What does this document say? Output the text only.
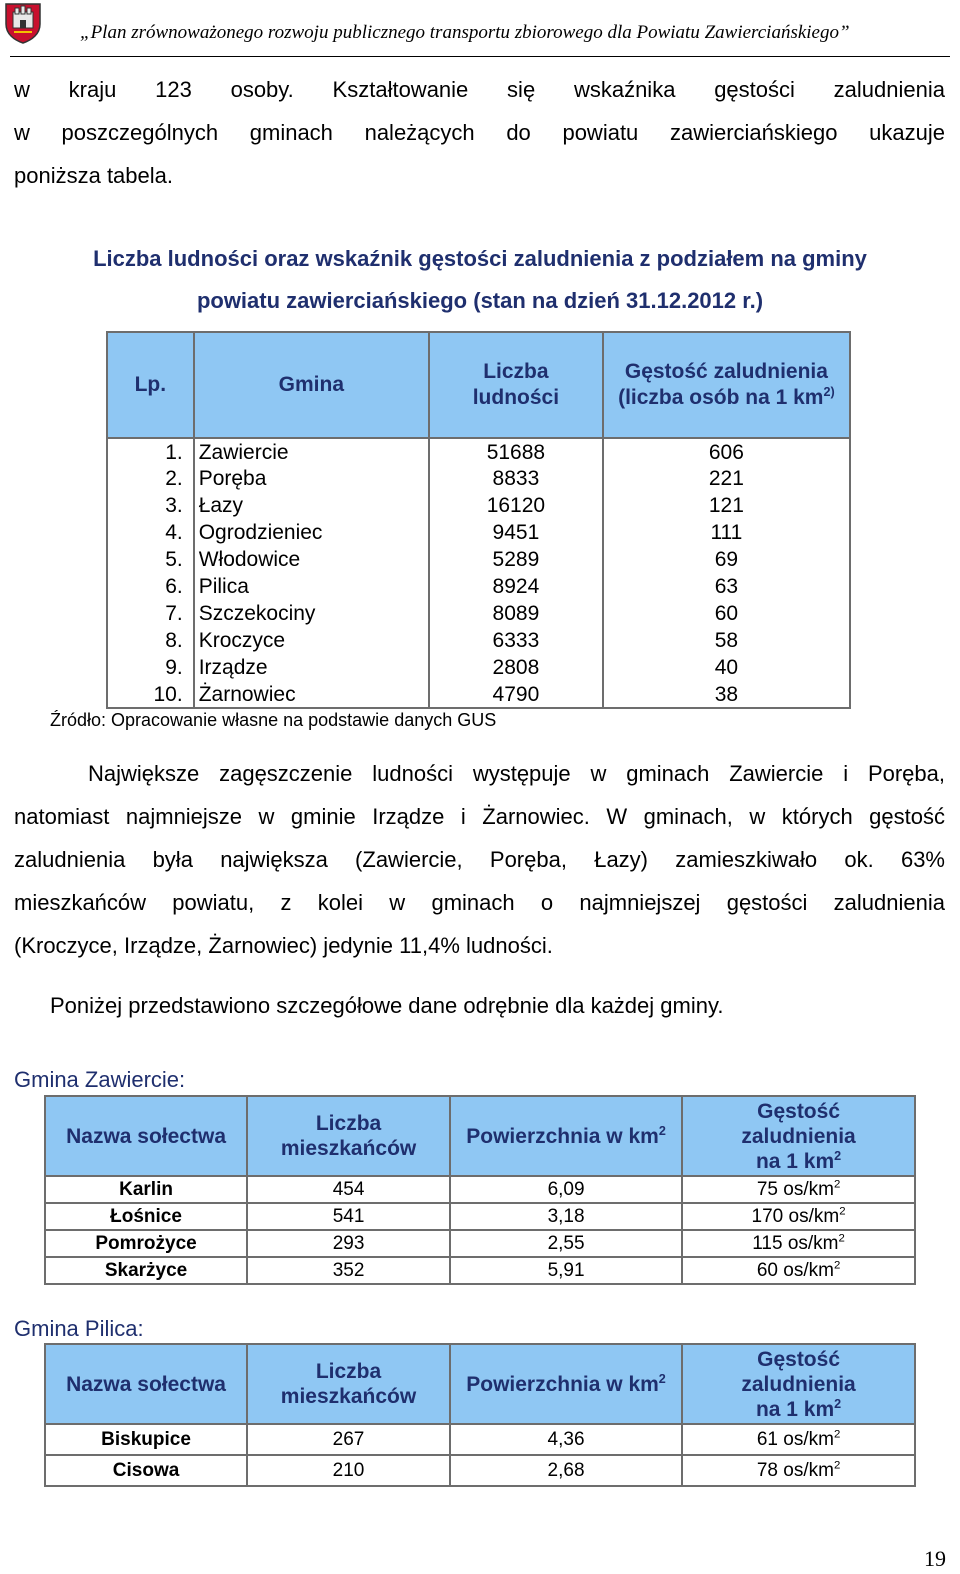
„Plan zrównoważonego rozwoju publicznego transportu zbiorowego dla Powiatu Zawierciańskiego”

w kraju 123 osoby. Kształtowanie się wskaźnika gęstości zaludnienia

w poszczególnych gminach należących do powiatu zawierciańskiego ukazuje

poniższa tabela.

Liczba ludności oraz wskaźnik gęstości zaludnienia z podziałem na gminy
powiatu zawierciańskiego (stan na dzień 31.12.2012 r.)
Lp.	Gmina	Liczba ludności	Gęstość zaludnienia (liczba osób na 1 $km^{2)}$
1.	Zawiercie	51688	606
2.	Poręba	8833	221
3.	Łazy	16120	121
4.	Ogrodzieniec	9451	111
5.	Włodowice	5289	69
6.	Pilica	8924	63
7.	Szczekociny	8089	60
8.	Kroczyce	6333	58
9.	Irządze	2808	40
10.	Żarnowiec	4790	38
Źródło: Opracowanie własne na podstawie danych GUS

Największe zagęszczenie ludności występuje w gminach Zawiercie i Poręba,

natomiast najmniejsze w gminie Irządze i Żarnowiec. W gminach, w których gęstość

zaludnienia była największa (Zawiercie, Poręba, Łazy) zamieszkiwało ok. 63%

mieszkańców powiatu, z kolei w gminach o najmniejszej gęstości zaludnienia

(Kroczyce, Irządze, Żarnowiec) jedynie 11,4% ludności.

Poniżej przedstawiono szczegółowe dane odrębnie dla każdej gminy.

Gmina Zawiercie:
Nazwa sołectwa	Liczba mieszkańców	Powierzchnia w $km^2$	Gęstość zaludnienia na 1 $km^2$
Karlin	454	6,09	75 $os/km^2$
Łośnice	541	3,18	170 $os/km^2$
Pomrożyce	293	2,55	115 $os/km^2$
Skarżyce	352	5,91	60 $os/km^2$
Gmina Pilica:
Nazwa sołectwa	Liczba mieszkańców	Powierzchnia w $km^2$	Gęstość zaludnienia na 1 $km^2$
Biskupice	267	4,36	61 $os/km^2$
Cisowa	210	2,68	78 $os/km^2$
19
